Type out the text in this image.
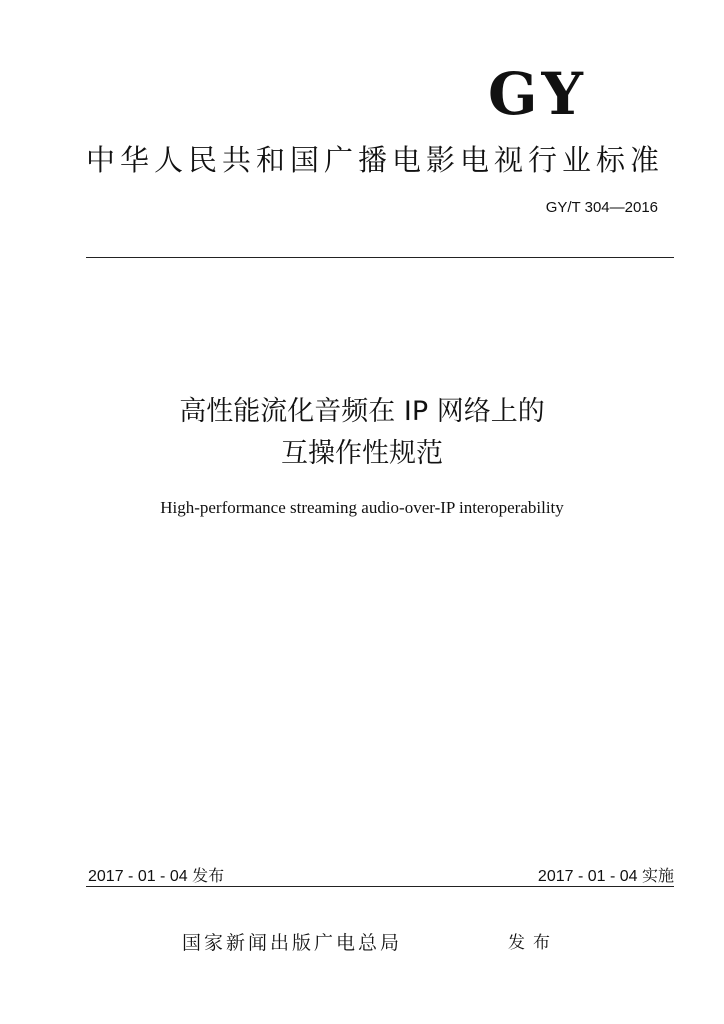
GY
中华人民共和国广播电影电视行业标准
GY/T 304—2016
高性能流化音频在 IP 网络上的
互操作性规范
High-performance streaming audio-over-IP interoperability
2017 - 01 - 04 发布	2017 - 01 - 04 实施
国家新闻出版广电总局	发布
